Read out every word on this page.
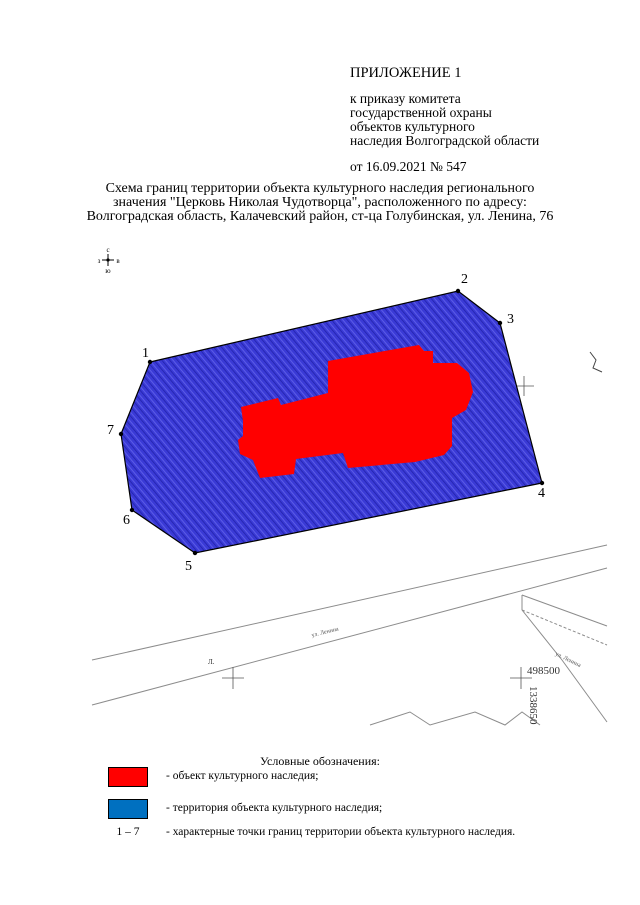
ПРИЛОЖЕНИЕ 1
к приказу комитета
государственной охраны
объектов культурного
наследия Волгоградской области
от 16.09.2021 № 547
Схема границ территории объекта культурного наследия регионального
значения "Церковь Николая Чудотворца", расположенного по адресу:
Волгоградская область, Калачевский район, ст-ца Голубинская, ул. Ленина, 76
с
ю
з в
ул. Ленина
ул. Ленина
Л.
498500
1338650
1
2
3
4
5
6
7
Условные обозначения:
- объект культурного наследия;
- территория объекта культурного наследия;
1 – 7	- характерные точки границ территории объекта культурного наследия.
